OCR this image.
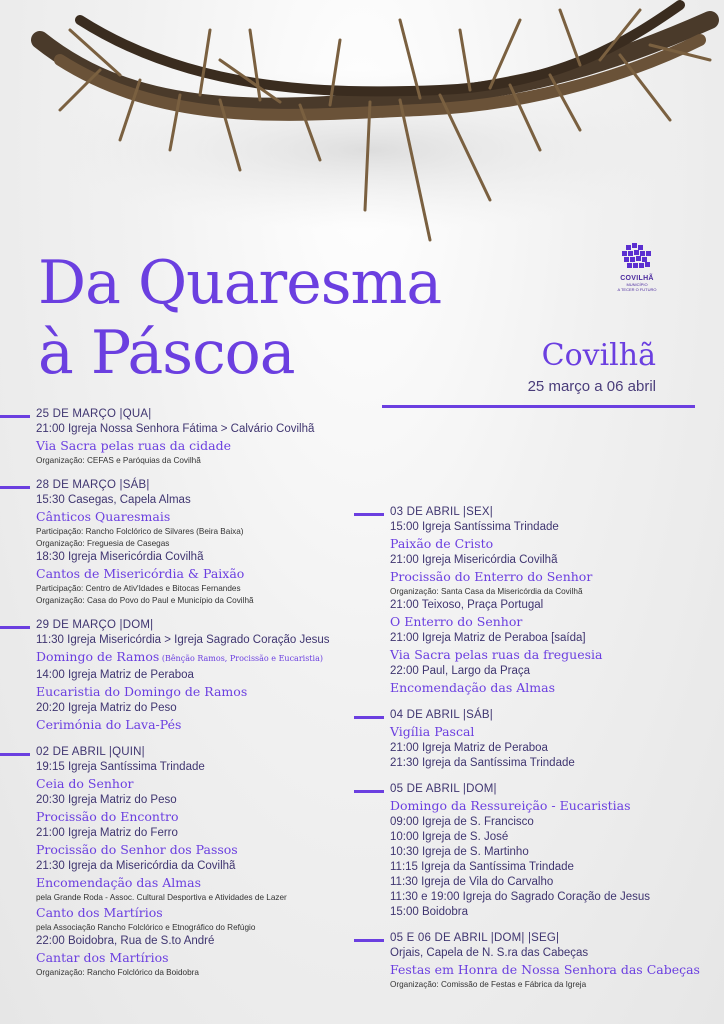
Da Quaresma
à Páscoa
COVILHÃ
MUNICÍPIO
A TECER O FUTURO
Covilhã
25 março a 06 abril
25 DE MARÇO |QUA|
21:00 Igreja Nossa Senhora Fátima > Calvário Covilhã
Via Sacra pelas ruas da cidade
Organização: CEFAS e Paróquias da Covilhã
28 DE MARÇO |SÁB|
15:30 Casegas, Capela Almas
Cânticos Quaresmais
Participação: Rancho Folclórico de Silvares (Beira Baixa)
Organização: Freguesia de Casegas
18:30 Igreja Misericórdia Covilhã
Cantos de Misericórdia & Paixão
Participação: Centro de Ativ'Idades e Bitocas Fernandes
Organização: Casa do Povo do Paul e Município da Covilhã
29 DE MARÇO |DOM|
11:30 Igreja Misericórdia > Igreja Sagrado Coração Jesus
Domingo de Ramos (Bênção Ramos, Procissão e Eucaristia)
14:00 Igreja Matriz de Peraboa
Eucaristia do Domingo de Ramos
20:20 Igreja Matriz do Peso
Cerimónia do Lava-Pés
02 DE ABRIL |QUIN|
19:15 Igreja Santíssima Trindade
Ceia do Senhor
20:30 Igreja Matriz do Peso
Procissão do Encontro
21:00 Igreja Matriz do Ferro
Procissão do Senhor dos Passos
21:30 Igreja da Misericórdia da Covilhã
Encomendação das Almas
pela Grande Roda - Assoc. Cultural Desportiva e Atividades de Lazer
Canto dos Martírios
pela Associação Rancho Folclórico e Etnográfico do Refúgio
22:00 Boidobra, Rua de S.to André
Cantar dos Martírios
Organização: Rancho Folclórico da Boidobra
03 DE ABRIL |SEX|
15:00 Igreja Santíssima Trindade
Paixão de Cristo
21:00 Igreja Misericórdia Covilhã
Procissão do Enterro do Senhor
Organização: Santa Casa da Misericórdia da Covilhã
21:00 Teixoso, Praça Portugal
O Enterro do Senhor
21:00 Igreja Matriz de Peraboa [saída]
Via Sacra pelas ruas da freguesia
22:00 Paul, Largo da Praça
Encomendação das Almas
04 DE ABRIL |SÁB|
Vigília Pascal
21:00 Igreja Matriz de Peraboa
21:30 Igreja da Santíssima Trindade
05 DE ABRIL |DOM|
Domingo da Ressureição - Eucaristias
09:00 Igreja de S. Francisco
10:00 Igreja de S. José
10:30 Igreja de S. Martinho
11:15 Igreja da Santíssima Trindade
11:30 Igreja de Vila do Carvalho
11:30 e 19:00 Igreja do Sagrado Coração de Jesus
15:00 Boidobra
05 E 06 DE ABRIL |DOM| |SEG|
Orjais, Capela de N. S.ra das Cabeças
Festas em Honra de Nossa Senhora das Cabeças
Organização: Comissão de Festas e Fábrica da Igreja
